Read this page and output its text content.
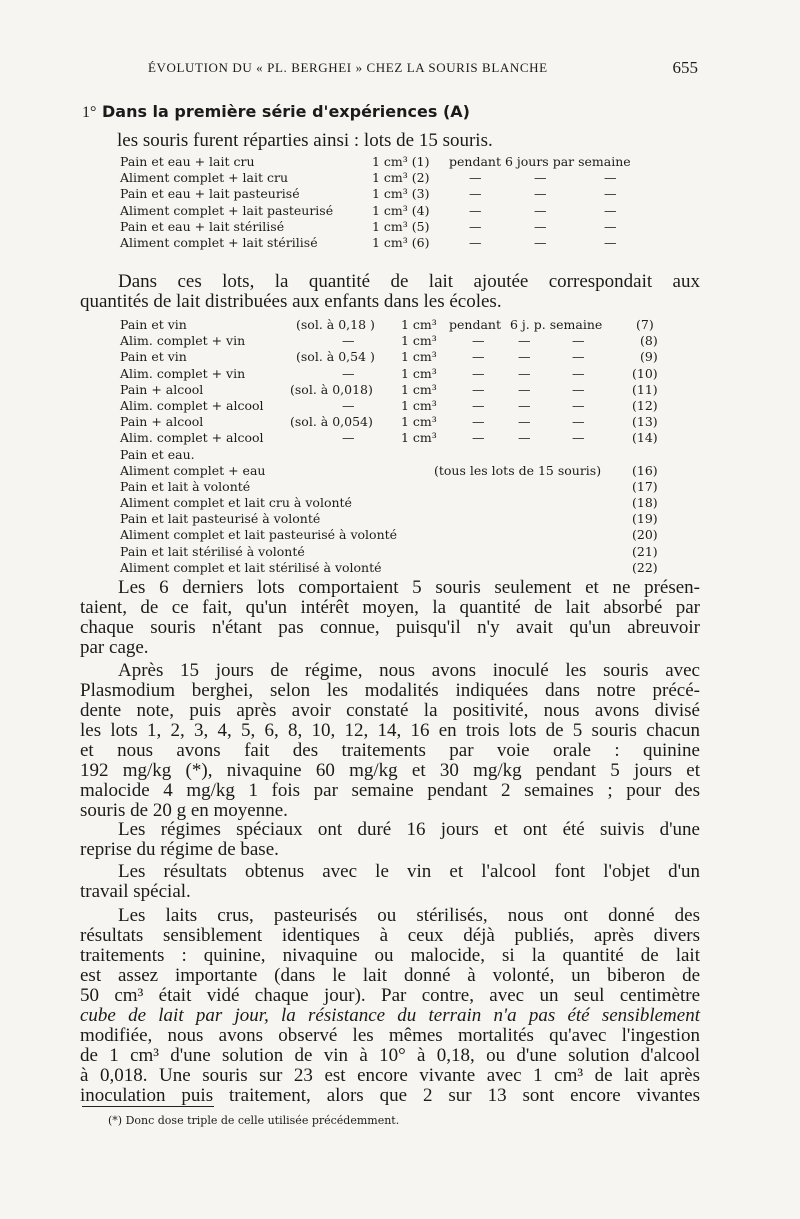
ÉVOLUTION DU « PL. BERGHEI » CHEZ LA SOURIS BLANCHE	655
1° Dans la première série d'expériences (A)
les souris furent réparties ainsi : lots de 15 souris.
Pain et eau + lait cru	1 cm³ (1) pendant 6 jours par semaine
Aliment complet + lait cru	1 cm³ (2)	—	—	—
Pain et eau + lait pasteurisé	1 cm³ (3)	—	—	—
Aliment complet + lait pasteurisé	1 cm³ (4)	—	—	—
Pain et eau + lait stérilisé	1 cm³ (5)	—	—	—
Aliment complet + lait stérilisé	1 cm³ (6)	—	—	—
Dans ces lots, la quantité de lait ajoutée correspondait aux
quantités de lait distribuées aux enfants dans les écoles.
Pain et vin	(sol. à 0,18 ) 1 cm³ pendant 6 j. p. semaine	(7)
Alim. complet + vin	—	1 cm³	—	—	—	(8)
Pain et vin	(sol. à 0,54 ) 1 cm³	—	—	—	(9)
Alim. complet + vin	—	1 cm³	—	—	—	(10)
Pain + alcool	(sol. à 0,018) 1 cm³	—	—	—	(11)
Alim. complet + alcool	—	1 cm³	—	—	—	(12)
Pain + alcool	(sol. à 0,054) 1 cm³	—	—	—	(13)
Alim. complet + alcool	—	1 cm³	—	—	—	(14)
Pain et eau.
Aliment complet + eau	(tous les lots de 15 souris) (16)
Pain et lait à volonté	(17)
Aliment complet et lait cru à volonté	(18)
Pain et lait pasteurisé à volonté	(19)
Aliment complet et lait pasteurisé à volonté	(20)
Pain et lait stérilisé à volonté	(21)
Aliment complet et lait stérilisé à volonté	(22)
Les 6 derniers lots comportaient 5 souris seulement et ne présen-
taient, de ce fait, qu'un intérêt moyen, la quantité de lait absorbé par
chaque souris n'étant pas connue, puisqu'il n'y avait qu'un abreuvoir
par cage.
Après 15 jours de régime, nous avons inoculé les souris avec
Plasmodium berghei, selon les modalités indiquées dans notre précé-
dente note, puis après avoir constaté la positivité, nous avons divisé
les lots 1, 2, 3, 4, 5, 6, 8, 10, 12, 14, 16 en trois lots de 5 souris chacun
et nous avons fait des traitements par voie orale : quinine
192 mg/kg (*), nivaquine 60 mg/kg et 30 mg/kg pendant 5 jours et
malocide 4 mg/kg 1 fois par semaine pendant 2 semaines ; pour des
souris de 20 g en moyenne.
Les régimes spéciaux ont duré 16 jours et ont été suivis d'une
reprise du régime de base.
Les résultats obtenus avec le vin et l'alcool font l'objet d'un
travail spécial.
Les laits crus, pasteurisés ou stérilisés, nous ont donné des
résultats sensiblement identiques à ceux déjà publiés, après divers
traitements : quinine, nivaquine ou malocide, si la quantité de lait
est assez importante (dans le lait donné à volonté, un biberon de
50 cm³ était vidé chaque jour). Par contre, avec un seul centimètre
cube de lait par jour, la résistance du terrain n'a pas été sensiblement
modifiée, nous avons observé les mêmes mortalités qu'avec l'ingestion
de 1 cm³ d'une solution de vin à 10° à 0,18, ou d'une solution d'alcool
à 0,018. Une souris sur 23 est encore vivante avec 1 cm³ de lait après
inoculation puis traitement, alors que 2 sur 13 sont encore vivantes
(*) Donc dose triple de celle utilisée précédemment.
